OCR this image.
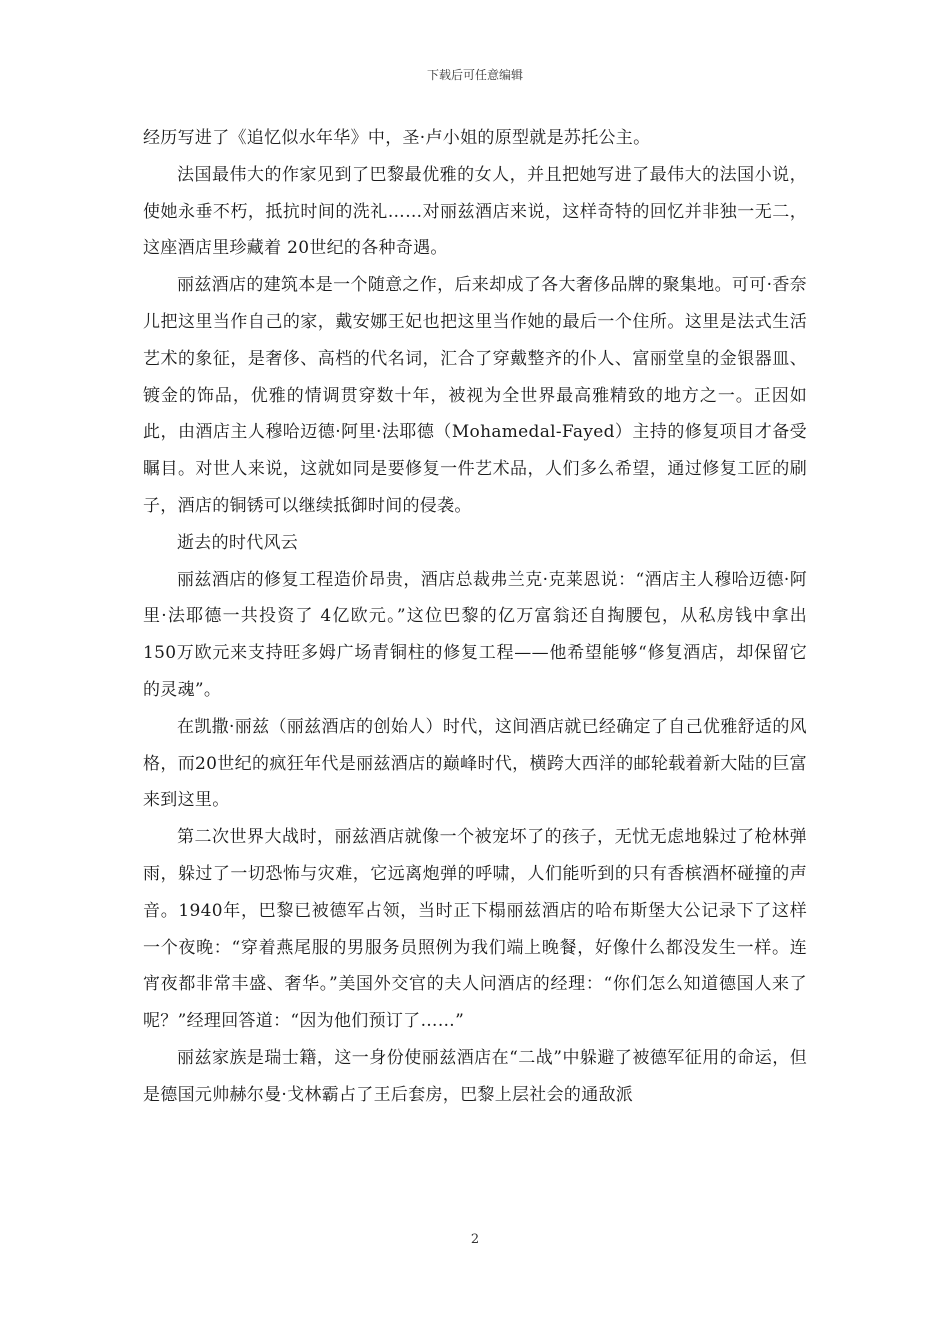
下载后可任意编辑

经历写进了《追忆似水年华》中，圣·卢小姐的原型就是苏托公主。

法国最伟大的作家见到了巴黎最优雅的女人，并且把她写进了最伟大的法国小说，使她永垂不朽，抵抗时间的洗礼……对丽兹酒店来说，这样奇特的回忆并非独一无二，这座酒店里珍藏着 20世纪的各种奇遇。

丽兹酒店的建筑本是一个随意之作，后来却成了各大奢侈品牌的聚集地。可可·香奈儿把这里当作自己的家，戴安娜王妃也把这里当作她的最后一个住所。这里是法式生活艺术的象征，是奢侈、高档的代名词，汇合了穿戴整齐的仆人、富丽堂皇的金银器皿、镀金的饰品，优雅的情调贯穿数十年，被视为全世界最高雅精致的地方之一。正因如此，由酒店主人穆哈迈德·阿里·法耶德（Mohamedal-Fayed）主持的修复项目才备受瞩目。对世人来说，这就如同是要修复一件艺术品，人们多么希望，通过修复工匠的刷子，酒店的铜锈可以继续抵御时间的侵袭。

逝去的时代风云

丽兹酒店的修复工程造价昂贵，酒店总裁弗兰克·克莱恩说：“酒店主人穆哈迈德·阿里·法耶德一共投资了 4亿欧元。”这位巴黎的亿万富翁还自掏腰包，从私房钱中拿出 150万欧元来支持旺多姆广场青铜柱的修复工程——他希望能够“修复酒店，却保留它的灵魂”。

在凯撒·丽兹（丽兹酒店的创始人）时代，这间酒店就已经确定了自己优雅舒适的风格，而20世纪的疯狂年代是丽兹酒店的巅峰时代，横跨大西洋的邮轮载着新大陆的巨富来到这里。

第二次世界大战时，丽兹酒店就像一个被宠坏了的孩子，无忧无虑地躲过了枪林弹雨，躲过了一切恐怖与灾难，它远离炮弹的呼啸，人们能听到的只有香槟酒杯碰撞的声音。1940年，巴黎已被德军占领，当时正下榻丽兹酒店的哈布斯堡大公记录下了这样一个夜晚：“穿着燕尾服的男服务员照例为我们端上晚餐，好像什么都没发生一样。连宵夜都非常丰盛、奢华。”美国外交官的夫人问酒店的经理：“你们怎么知道德国人来了呢？”经理回答道：“因为他们预订了……”

丽兹家族是瑞士籍，这一身份使丽兹酒店在“二战”中躲避了被德军征用的命运，但是德国元帅赫尔曼·戈林霸占了王后套房，巴黎上层社会的通敌派

2
